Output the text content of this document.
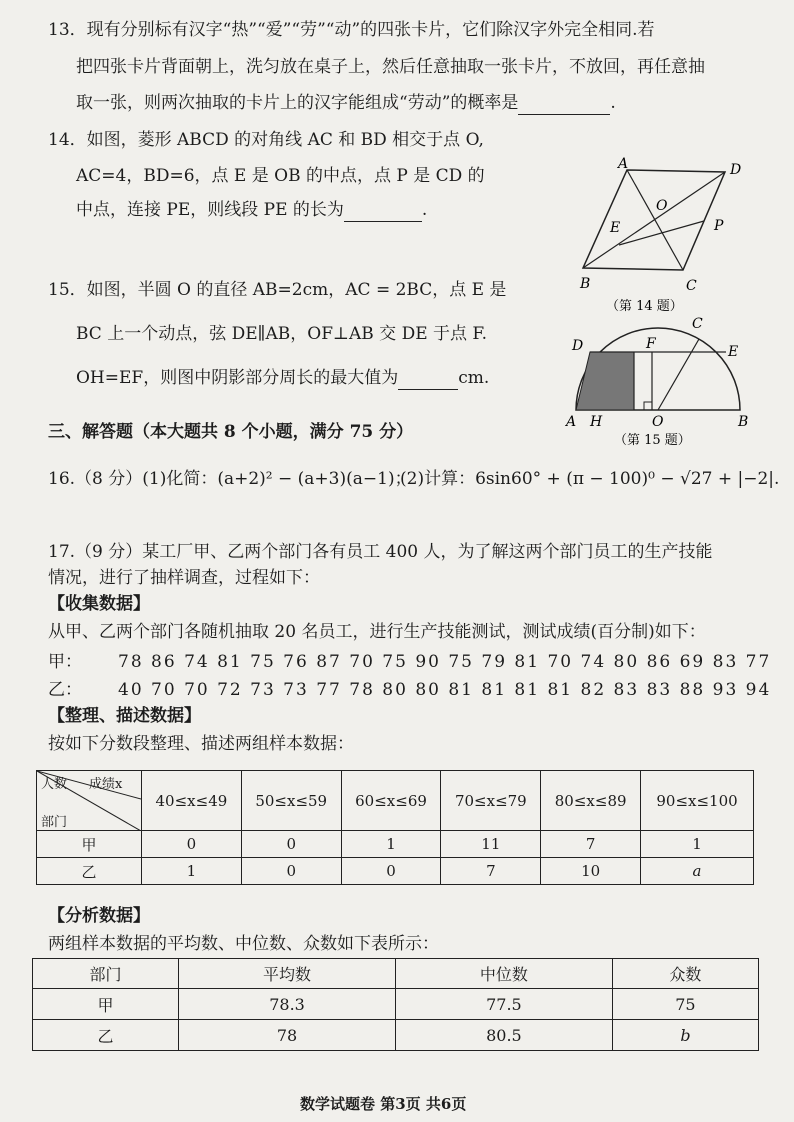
13．现有分别标有汉字“热”“爱”“劳”“动”的四张卡片，它们除汉字外完全相同.若
把四张卡片背面朝上，洗匀放在桌子上，然后任意抽取一张卡片，不放回，再任意抽
取一张，则两次抽取的卡片上的汉字能组成“劳动”的概率是	.
14．如图，菱形 ABCD 的对角线 AC 和 BD 相交于点 O,
AC=4，BD=6，点 E 是 OB 的中点，点 P 是 CD 的
中点，连接 PE，则线段 PE 的长为	.
A	D
O
E	P
B	C
（第 14 题）
15．如图，半圆 O 的直径 AB=2cm，AC = 2BC，点 E 是
BC 上一个动点，弦 DE∥AB，OF⊥AB 交 DE 于点 F.
OH=EF，则图中阴影部分周长的最大值为	cm.
C
E
D	F
A H	O	B
（第 15 题）
三、解答题（本大题共 8 个小题，满分 75 分）
16.（8 分）(1)化简：(a+2)² − (a+3)(a−1)；
(2)计算：6sin60° + (π − 100)⁰ − √27 + |−2|.
17.（9 分）某工厂甲、乙两个部门各有员工 400 人，为了解这两个部门员工的生产技能
情况，进行了抽样调查，过程如下：
【收集数据】
从甲、乙两个部门各随机抽取 20 名员工，进行生产技能测试，测试成绩(百分制)如下：
甲： 78 86 74 81 75 76 87 70 75 90 75 79 81 70 74 80 86 69 83 77
乙： 40 70 70 72 73 73 77 78 80 80 81 81 81 81 82 83 83 88 93 94
【整理、描述数据】
按如下分数段整理、描述两组样本数据：
人数 成绩x
部门	40≤x≤49	50≤x≤59	60≤x≤69	70≤x≤79	80≤x≤89	90≤x≤100
甲	0	0	1	11	7	1
乙	1	0	0	7	10	a
【分析数据】
两组样本数据的平均数、中位数、众数如下表所示：
部门	平均数	中位数	众数
甲	78.3	77.5	75
乙	78	80.5	b
数学试题卷 第3页 共6页
